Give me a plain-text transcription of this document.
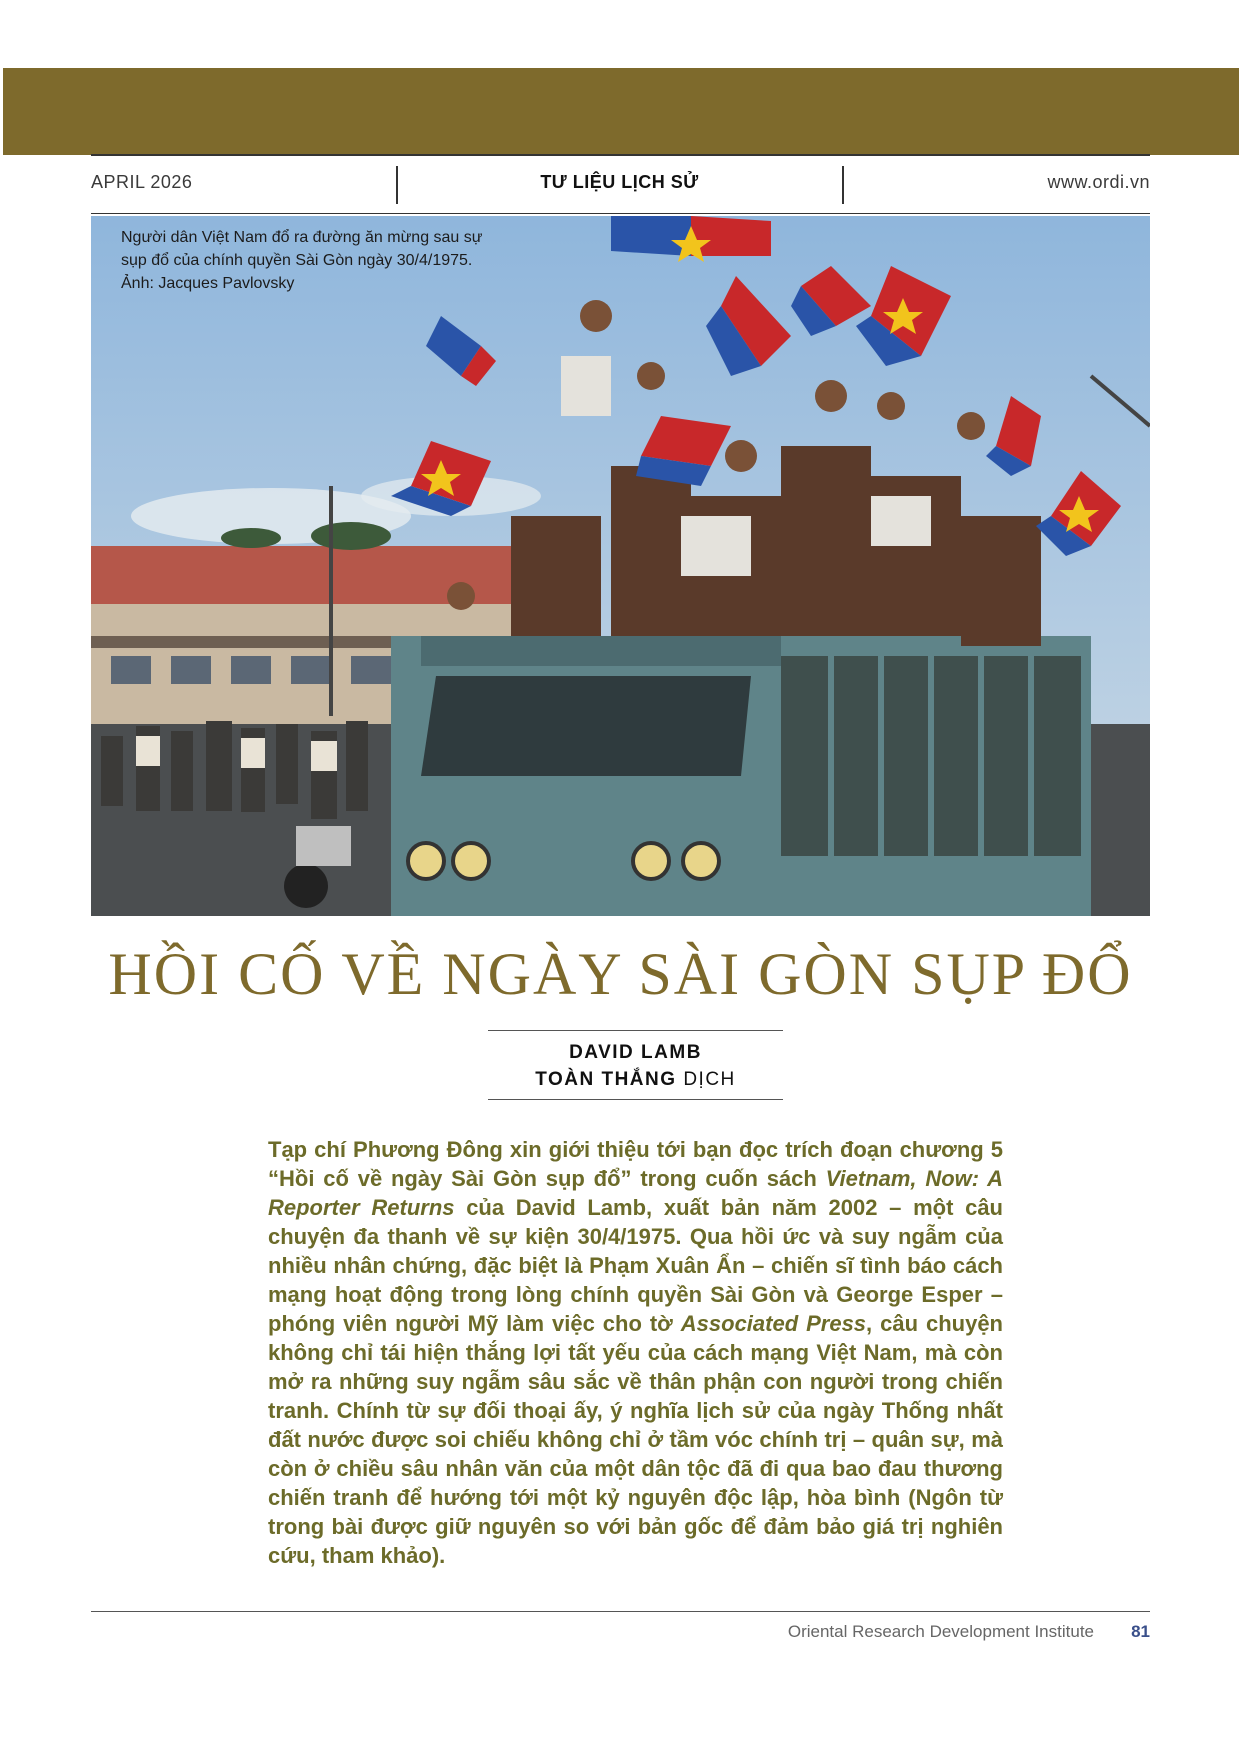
APRIL 2026	TƯ LIỆU LỊCH SỬ	www.ordi.vn
Người dân Việt Nam đổ ra đường ăn mừng sau sự
sụp đổ của chính quyền Sài Gòn ngày 30/4/1975.
Ảnh: Jacques Pavlovsky
HỒI CỐ VỀ NGÀY SÀI GÒN SỤP ĐỔ
DAVID LAMB
TOÀN THẮNG DỊCH
Tạp chí Phương Đông xin giới thiệu tới bạn đọc trích đoạn chương 5 “Hồi cố về ngày Sài Gòn sụp đổ” trong cuốn sách Vietnam, Now: A Reporter Returns của David Lamb, xuất bản năm 2002 – một câu chuyện đa thanh về sự kiện 30/4/1975. Qua hồi ức và suy ngẫm của nhiều nhân chứng, đặc biệt là Phạm Xuân Ẩn – chiến sĩ tình báo cách mạng hoạt động trong lòng chính quyền Sài Gòn và George Esper – phóng viên người Mỹ làm việc cho tờ Associated Press, câu chuyện không chỉ tái hiện thắng lợi tất yếu của cách mạng Việt Nam, mà còn mở ra những suy ngẫm sâu sắc về thân phận con người trong chiến tranh. Chính từ sự đối thoại ấy, ý nghĩa lịch sử của ngày Thống nhất đất nước được soi chiếu không chỉ ở tầm vóc chính trị – quân sự, mà còn ở chiều sâu nhân văn của một dân tộc đã đi qua bao đau thương chiến tranh để hướng tới một kỷ nguyên độc lập, hòa bình (Ngôn từ trong bài được giữ nguyên so với bản gốc để đảm bảo giá trị nghiên cứu, tham khảo).
Oriental Research Development Institute 81
